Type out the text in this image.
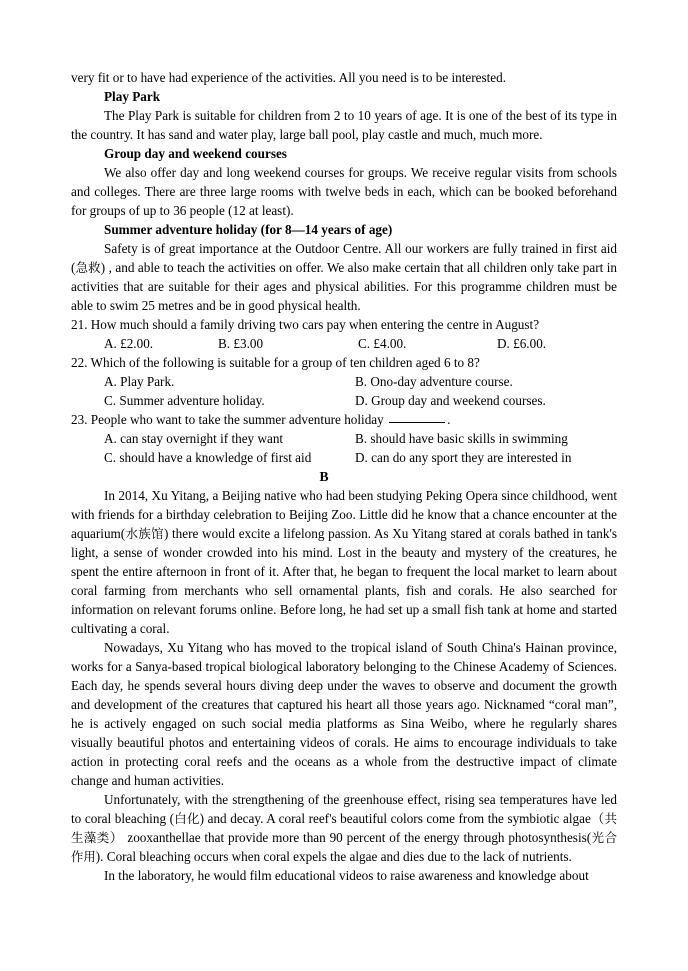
very fit or to have had experience of the activities. All you need is to be interested.

Play Park

The Play Park is suitable for children from 2 to 10 years of age. It is one of the best of its type in the country. It has sand and water play, large ball pool, play castle and much, much more.

Group day and weekend courses

We also offer day and long weekend courses for groups. We receive regular visits from schools and colleges. There are three large rooms with twelve beds in each, which can be booked beforehand for groups of up to 36 people (12 at least).

Summer adventure holiday (for 8—14 years of age)

Safety is of great importance at the Outdoor Centre. All our workers are fully trained in first aid (急救) , and able to teach the activities on offer. We also make certain that all children only take part in activities that are suitable for their ages and physical abilities. For this programme children must be able to swim 25 metres and be in good physical health.

21. How much should a family driving two cars pay when entering the centre in August?

A. £2.00.	B. £3.00	C. £4.00.	D. £6.00.

22. Which of the following is suitable for a group of ten children aged 6 to 8?

A. Play Park.	B. Ono-day adventure course.
C. Summer adventure holiday.	D. Group day and weekend courses.

23. People who want to take the summer adventure holiday	.

A. can stay overnight if they want	B. should have basic skills in swimming
C. should have a knowledge of first aid	D. can do any sport they are interested in
B

In 2014, Xu Yitang, a Beijing native who had been studying Peking Opera since childhood, went with friends for a birthday celebration to Beijing Zoo. Little did he know that a chance encounter at the aquarium(水族馆) there would excite a lifelong passion. As Xu Yitang stared at corals bathed in tank's light, a sense of wonder crowded into his mind. Lost in the beauty and mystery of the creatures, he spent the entire afternoon in front of it. After that, he began to frequent the local market to learn about coral farming from merchants who sell ornamental plants, fish and corals. He also searched for information on relevant forums online. Before long, he had set up a small fish tank at home and started cultivating a coral.

Nowadays, Xu Yitang who has moved to the tropical island of South China's Hainan province, works for a Sanya-based tropical biological laboratory belonging to the Chinese Academy of Sciences. Each day, he spends several hours diving deep under the waves to observe and document the growth and development of the creatures that captured his heart all those years ago. Nicknamed “coral man”, he is actively engaged on such social media platforms as Sina Weibo, where he regularly shares visually beautiful photos and entertaining videos of corals. He aims to encourage individuals to take action in protecting coral reefs and the oceans as a whole from the destructive impact of climate change and human activities.

Unfortunately, with the strengthening of the greenhouse effect, rising sea temperatures have led to coral bleaching (白化) and decay. A coral reef's beautiful colors come from the symbiotic algae（共生藻类） zooxanthellae that provide more than 90 percent of the energy through photosynthesis(光合作用). Coral bleaching occurs when coral expels the algae and dies due to the lack of nutrients.

In the laboratory, he would film educational videos to raise awareness and knowledge about
